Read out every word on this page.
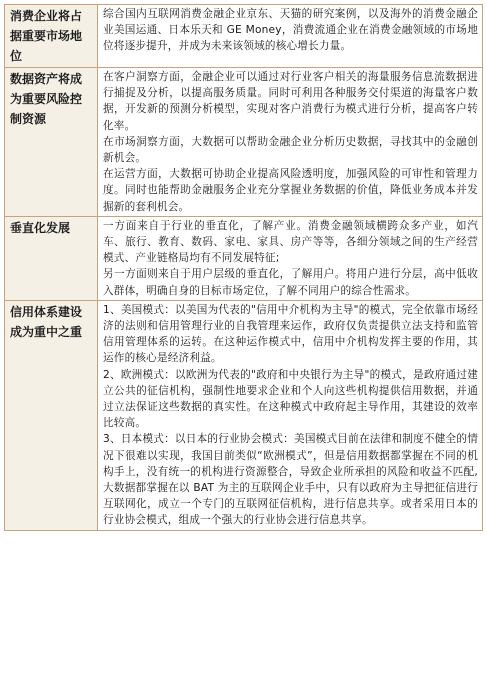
消费企业将占据重要市场地位	综合国内互联网消费金融企业京东、天猫的研究案例，以及海外的消费金融企业美国运通、日本乐天和 GE Money，消费流通企业在消费金融领域的市场地位将逐步提升，并成为未来该领域的核心增长力量。

数据资产将成为重要风险控制资源	在客户洞察方面，金融企业可以通过对行业客户相关的海量服务信息流数据进行捕捉及分析，以提高服务质量。同时可利用各种服务交付渠道的海量客户数据，开发新的预测分析模型，实现对客户消费行为模式进行分析，提高客户转化率。

在市场洞察方面，大数据可以帮助金融企业分析历史数据，寻找其中的金融创新机会。

在运营方面，大数据可协助企业提高风险透明度，加强风险的可审性和管理力度。同时也能帮助金融服务企业充分掌握业务数据的价值，降低业务成本并发掘新的套利机会。

垂直化发展	一方面来自于行业的垂直化，了解产业。消费金融领域横跨众多产业，如汽车、旅行、教育、数码、家电、家具、房产等等，各细分领域之间的生产经营模式、产业链格局均有不同发展特征;

另一方面则来自于用户层级的垂直化，了解用户。将用户进行分层，高中低收入群体，明确自身的目标市场定位，了解不同用户的综合性需求。

信用体系建设成为重中之重	1、美国模式：以美国为代表的"信用中介机构为主导"的模式，完全依靠市场经济的法则和信用管理行业的自我管理来运作，政府仅负责提供立法支持和监管信用管理体系的运转。在这种运作模式中，信用中介机构发挥主要的作用，其运作的核心是经济利益。

2、欧洲模式：以欧洲为代表的"政府和中央银行为主导"的模式，是政府通过建立公共的征信机构，强制性地要求企业和个人向这些机构提供信用数据，并通过立法保证这些数据的真实性。在这种模式中政府起主导作用，其建设的效率比较高。

3、日本模式：以日本的行业协会模式：美国模式目前在法律和制度不健全的情况下很难以实现，我国目前类似“欧洲模式”，但是信用数据都掌握在不同的机构手上，没有统一的机构进行资源整合，导致企业所承担的风险和收益不匹配,大数据都掌握在以 BAT 为主的互联网企业手中，只有以政府为主导把征信进行互联网化，成立一个专门的互联网征信机构，进行信息共享。或者采用日本的行业协会模式，组成一个强大的行业协会进行信息共享。
